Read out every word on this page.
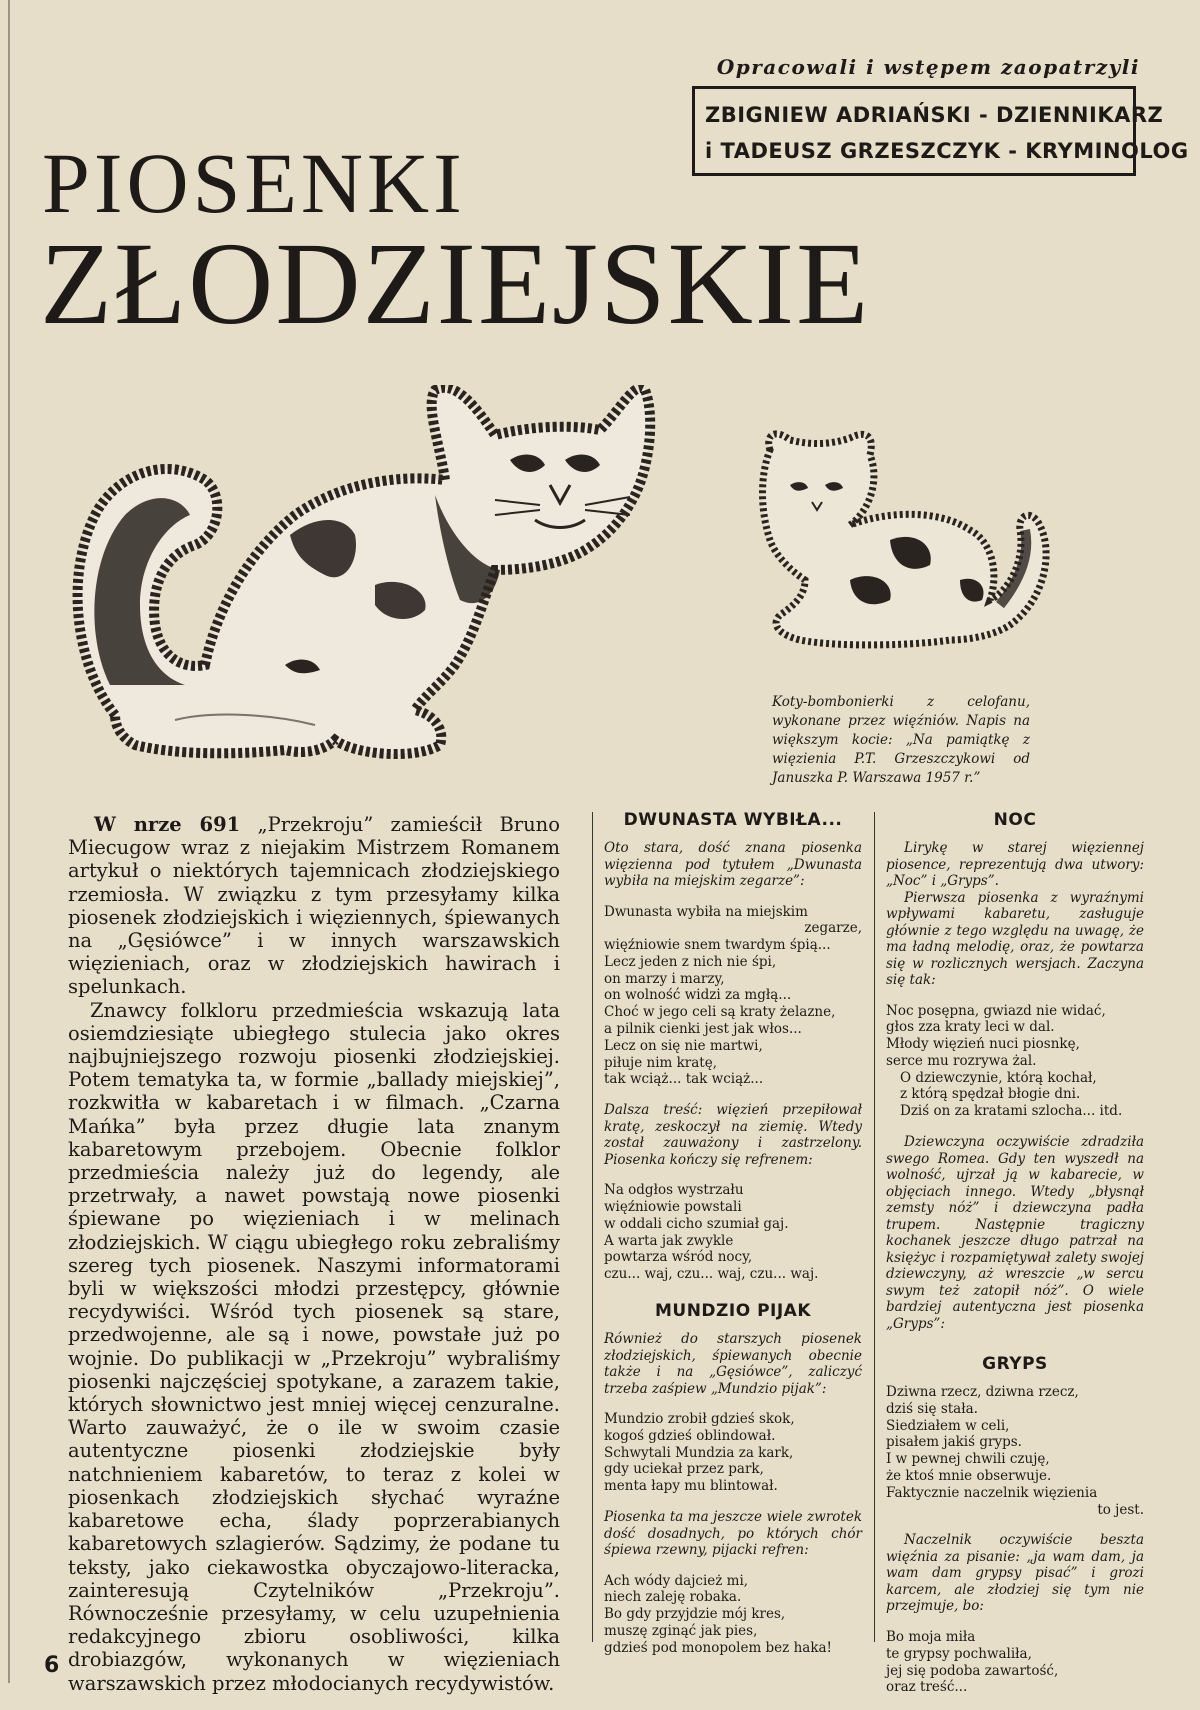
Opracowali i wstępem zaopatrzyli
ZBIGNIEW ADRIAŃSKI - DZIENNIKARZ
i TADEUSZ GRZESZCZYK - KRYMINOLOG
PIOSENKI
ZŁODZIEJSKIE
Koty-bombonierki z celofanu, wykonane przez więźniów. Napis na większym kocie: „Na pamiątkę z więzienia P.T. Grzeszczykowi od Januszka P. Warszawa 1957 r.”

W nrze 691 „Przekroju” zamieścił Bruno Miecugow wraz z niejakim Mistrzem Romanem artykuł o niektórych tajemnicach złodziejskiego rzemiosła. W związku z tym przesyłamy kilka piosenek złodziejskich i więziennych, śpiewanych na „Gęsiówce” i w innych warszawskich więzieniach, oraz w złodziejskich hawirach i spelunkach.

Znawcy folkloru przedmieścia wskazują lata osiemdziesiąte ubiegłego stulecia jako okres najbujniejszego rozwoju piosenki złodziejskiej. Potem tematyka ta, w formie „ballady miejskiej”, rozkwitła w kabaretach i w filmach. „Czarna Mańka” była przez długie lata znanym kabaretowym przebojem. Obecnie folklor przedmieścia należy już do legendy, ale przetrwały, a nawet powstają nowe piosenki śpiewane po więzieniach i w melinach złodziejskich. W ciągu ubiegłego roku zebraliśmy szereg tych piosenek. Naszymi informatorami byli w większości młodzi przestępcy, głównie recydywiści. Wśród tych piosenek są stare, przedwojenne, ale są i nowe, powstałe już po wojnie. Do publikacji w „Przekroju” wybraliśmy piosenki najczęściej spotykane, a zarazem takie, których słownictwo jest mniej więcej cenzuralne. Warto zauważyć, że o ile w swoim czasie autentyczne piosenki złodziejskie były natchnieniem kabaretów, to teraz z kolei w piosenkach złodziejskich słychać wyraźne kabaretowe echa, ślady poprzerabianych kabaretowych szlagierów. Sądzimy, że podane tu teksty, jako ciekawostka obyczajowo-literacka, zainteresują Czytelników „Przekroju”. Równocześnie przesyłamy, w celu uzupełnienia redakcyjnego zbioru osobliwości, kilka drobiazgów, wykonanych w więzieniach warszawskich przez młodocianych recydywistów.

DWUNASTA WYBIŁA...
Oto stara, dość znana piosenka więzienna pod tytułem „Dwunasta wybiła na miejskim zegarze”:
Dwunasta wybiła na miejskim
zegarze,
więźniowie snem twardym śpią...
Lecz jeden z nich nie śpi,
on marzy i marzy,
on wolność widzi za mgłą...
Choć w jego celi są kraty żelazne,
a pilnik cienki jest jak włos...
Lecz on się nie martwi,
piłuje nim kratę,
tak wciąż... tak wciąż...
Dalsza treść: więzień przepiłował kratę, zeskoczył na ziemię. Wtedy został zauważony i zastrzelony. Piosenka kończy się refrenem:
Na odgłos wystrzału
więźniowie powstali
w oddali cicho szumiał gaj.
A warta jak zwykle
powtarza wśród nocy,
czu... waj, czu... waj, czu... waj.
MUNDZIO PIJAK
Również do starszych piosenek złodziejskich, śpiewanych obecnie także i na „Gęsiówce”, zaliczyć trzeba zaśpiew „Mundzio pijak”:
Mundzio zrobił gdzieś skok,
kogoś gdzieś oblindował.
Schwytali Mundzia za kark,
gdy uciekał przez park,
menta łapy mu blintował.
Piosenka ta ma jeszcze wiele zwrotek dość dosadnych, po których chór śpiewa rzewny, pijacki refren:
Ach wódy dajcież mi,
niech zaleję robaka.
Bo gdy przyjdzie mój kres,
muszę zginąć jak pies,
gdzieś pod monopolem bez haka!
NOC
Lirykę w starej więziennej piosence, reprezentują dwa utwory: „Noc” i „Gryps”.
Pierwsza piosenka z wyraźnymi wpływami kabaretu, zasługuje głównie z tego względu na uwagę, że ma ładną melodię, oraz, że powtarza się w rozlicznych wersjach. Zaczyna się tak:
Noc posępna, gwiazd nie widać,
głos zza kraty leci w dal.
Młody więzień nuci piosnkę,
serce mu rozrywa żal.
O dziewczynie, którą kochał,
z którą spędzał błogie dni.
Dziś on za kratami szlocha... itd.
Dziewczyna oczywiście zdradziła swego Romea. Gdy ten wyszedł na wolność, ujrzał ją w kabarecie, w objęciach innego. Wtedy „błysnął zemsty nóż” i dziewczyna padła trupem. Następnie tragiczny kochanek jeszcze długo patrzał na księżyc i rozpamiętywał zalety swojej dziewczyny, aż wreszcie „w sercu swym też zatopił nóż”. O wiele bardziej autentyczna jest piosenka „Gryps”:
GRYPS
Dziwna rzecz, dziwna rzecz,
dziś się stała.
Siedziałem w celi,
pisałem jakiś gryps.
I w pewnej chwili czuję,
że ktoś mnie obserwuje.
Faktycznie naczelnik więzienia
to jest.
Naczelnik oczywiście beszta więźnia za pisanie: „ja wam dam, ja wam dam grypsy pisać” i grozi karcem, ale złodziej się tym nie przejmuje, bo:
Bo moja miła
te grypsy pochwaliła,
jej się podoba zawartość,
oraz treść...
6
